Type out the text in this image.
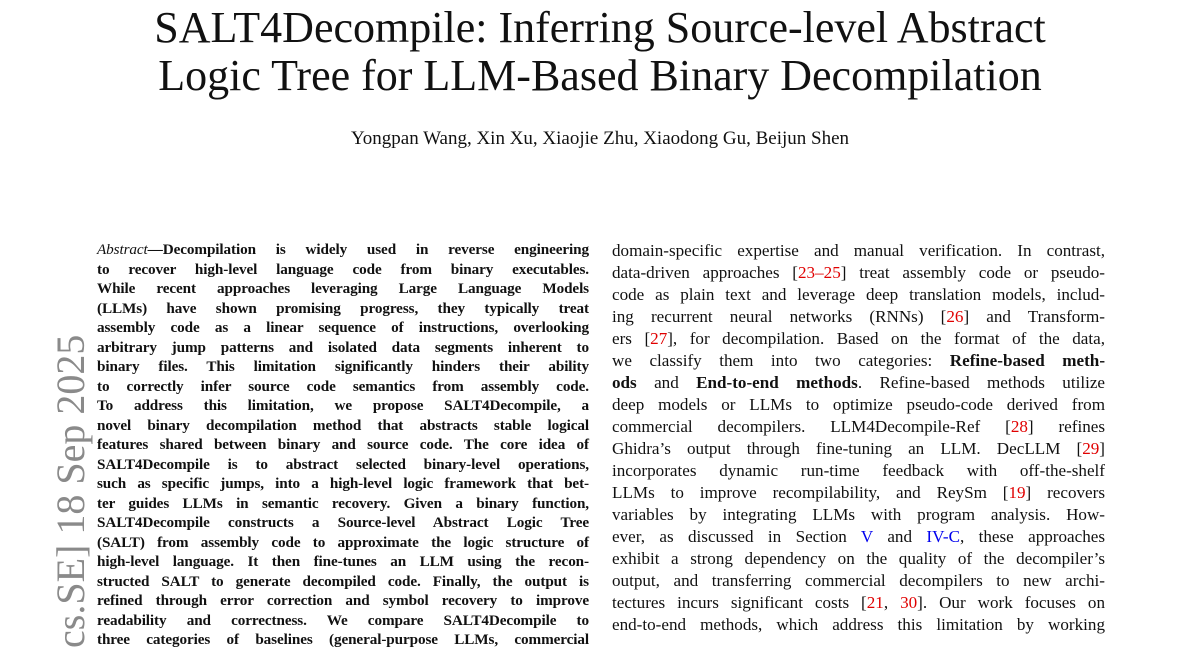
SALT4Decompile: Inferring Source-level Abstract
Logic Tree for LLM-Based Binary Decompilation
Yongpan Wang, Xin Xu, Xiaojie Zhu, Xiaodong Gu, Beijun Shen
cs.SE] 18 Sep 2025
Abstract—Decompilation is widely used in reverse engineering
to recover high-level language code from binary executables.
While recent approaches leveraging Large Language Models
(LLMs) have shown promising progress, they typically treat
assembly code as a linear sequence of instructions, overlooking
arbitrary jump patterns and isolated data segments inherent to
binary files. This limitation significantly hinders their ability
to correctly infer source code semantics from assembly code.
To address this limitation, we propose SALT4Decompile, a
novel binary decompilation method that abstracts stable logical
features shared between binary and source code. The core idea of
SALT4Decompile is to abstract selected binary-level operations,
such as specific jumps, into a high-level logic framework that bet-
ter guides LLMs in semantic recovery. Given a binary function,
SALT4Decompile constructs a Source-level Abstract Logic Tree
(SALT) from assembly code to approximate the logic structure of
high-level language. It then fine-tunes an LLM using the recon-
structed SALT to generate decompiled code. Finally, the output is
refined through error correction and symbol recovery to improve
readability and correctness. We compare SALT4Decompile to
three categories of baselines (general-purpose LLMs, commercial
domain-specific expertise and manual verification. In contrast,
data-driven approaches [23–25] treat assembly code or pseudo-
code as plain text and leverage deep translation models, includ-
ing recurrent neural networks (RNNs) [26] and Transform-
ers [27], for decompilation. Based on the format of the data,
we classify them into two categories: Refine-based meth-
ods and End-to-end methods. Refine-based methods utilize
deep models or LLMs to optimize pseudo-code derived from
commercial decompilers. LLM4Decompile-Ref [28] refines
Ghidra’s output through fine-tuning an LLM. DecLLM [29]
incorporates dynamic run-time feedback with off-the-shelf
LLMs to improve recompilability, and ReySm [19] recovers
variables by integrating LLMs with program analysis. How-
ever, as discussed in Section V and IV-C, these approaches
exhibit a strong dependency on the quality of the decompiler’s
output, and transferring commercial decompilers to new archi-
tectures incurs significant costs [21, 30]. Our work focuses on
end-to-end methods, which address this limitation by working
